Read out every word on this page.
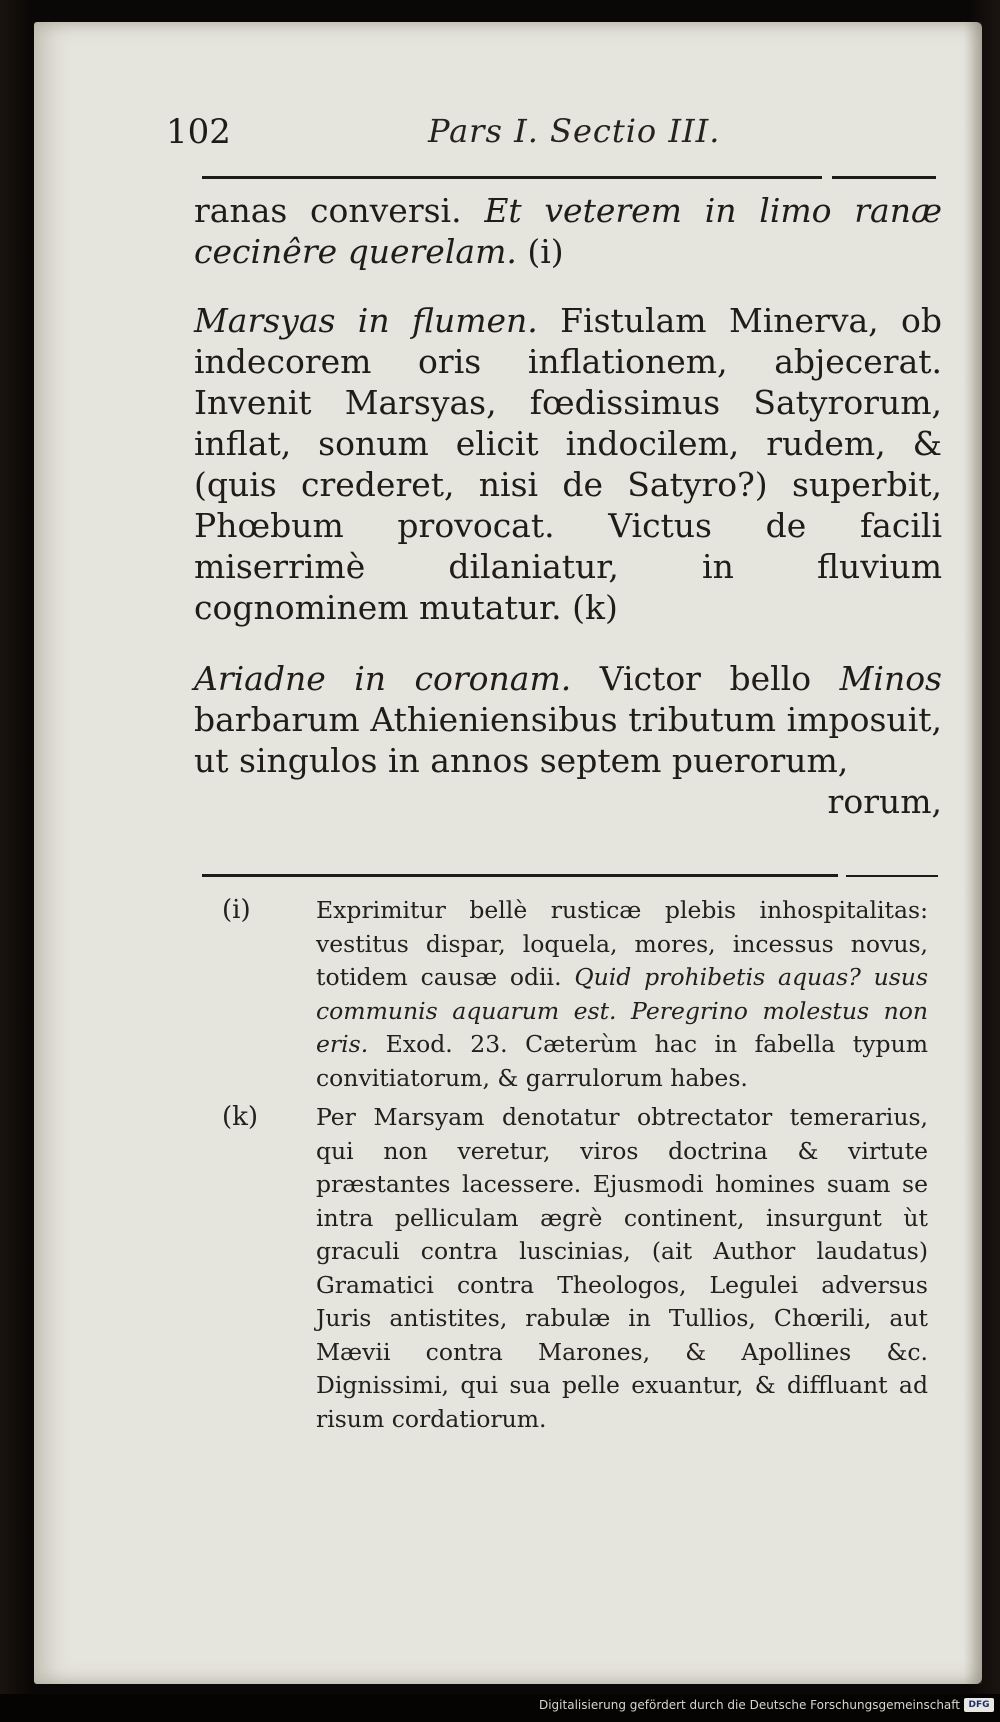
102	Pars I. Sectio III.

ranas conversi. Et veterem in limo ranæ cecinêre querelam. (i)

Marsyas in flumen. Fistulam Minerva, ob indecorem oris inflationem, abjecerat. Invenit Marsyas, fœdissimus Satyrorum, inflat, sonum elicit indocilem, rudem, & (quis crederet, nisi de Satyro?) superbit, Phœbum provocat. Victus de facili miserrimè dilaniatur, in fluvium cognominem mutatur. (k)

Ariadne in coronam. Victor bello Minos barbarum Athieniensibus tributum imposuit, ut singulos in annos septem puerorum,

rorum,
(i)	Exprimitur bellè rusticæ plebis inhospitalitas: vestitus dispar, loquela, mores, incessus novus, totidem causæ odii. Quid prohibetis aquas? usus communis aquarum est. Peregrino molestus non eris. Exod. 23. Cæterùm hac in fabella typum convitiatorum, & garrulorum habes.
(k) Per Marsyam denotatur obtrectator temerarius, qui non veretur, viros doctrina & virtute præstantes lacessere. Ejusmodi homines suam se intra pelliculam ægrè continent, insurgunt ùt graculi contra luscinias, (ait Author laudatus) Gramatici contra Theologos, Legulei adversus Juris antistites, rabulæ in Tullios, Chœrili, aut Mævii contra Marones, & Apollines &c. Dignissimi, qui sua pelle exuantur, & diffluant ad risum cordatiorum.
Digitalisierung gefördert durch die Deutsche Forschungsgemeinschaft DFG
